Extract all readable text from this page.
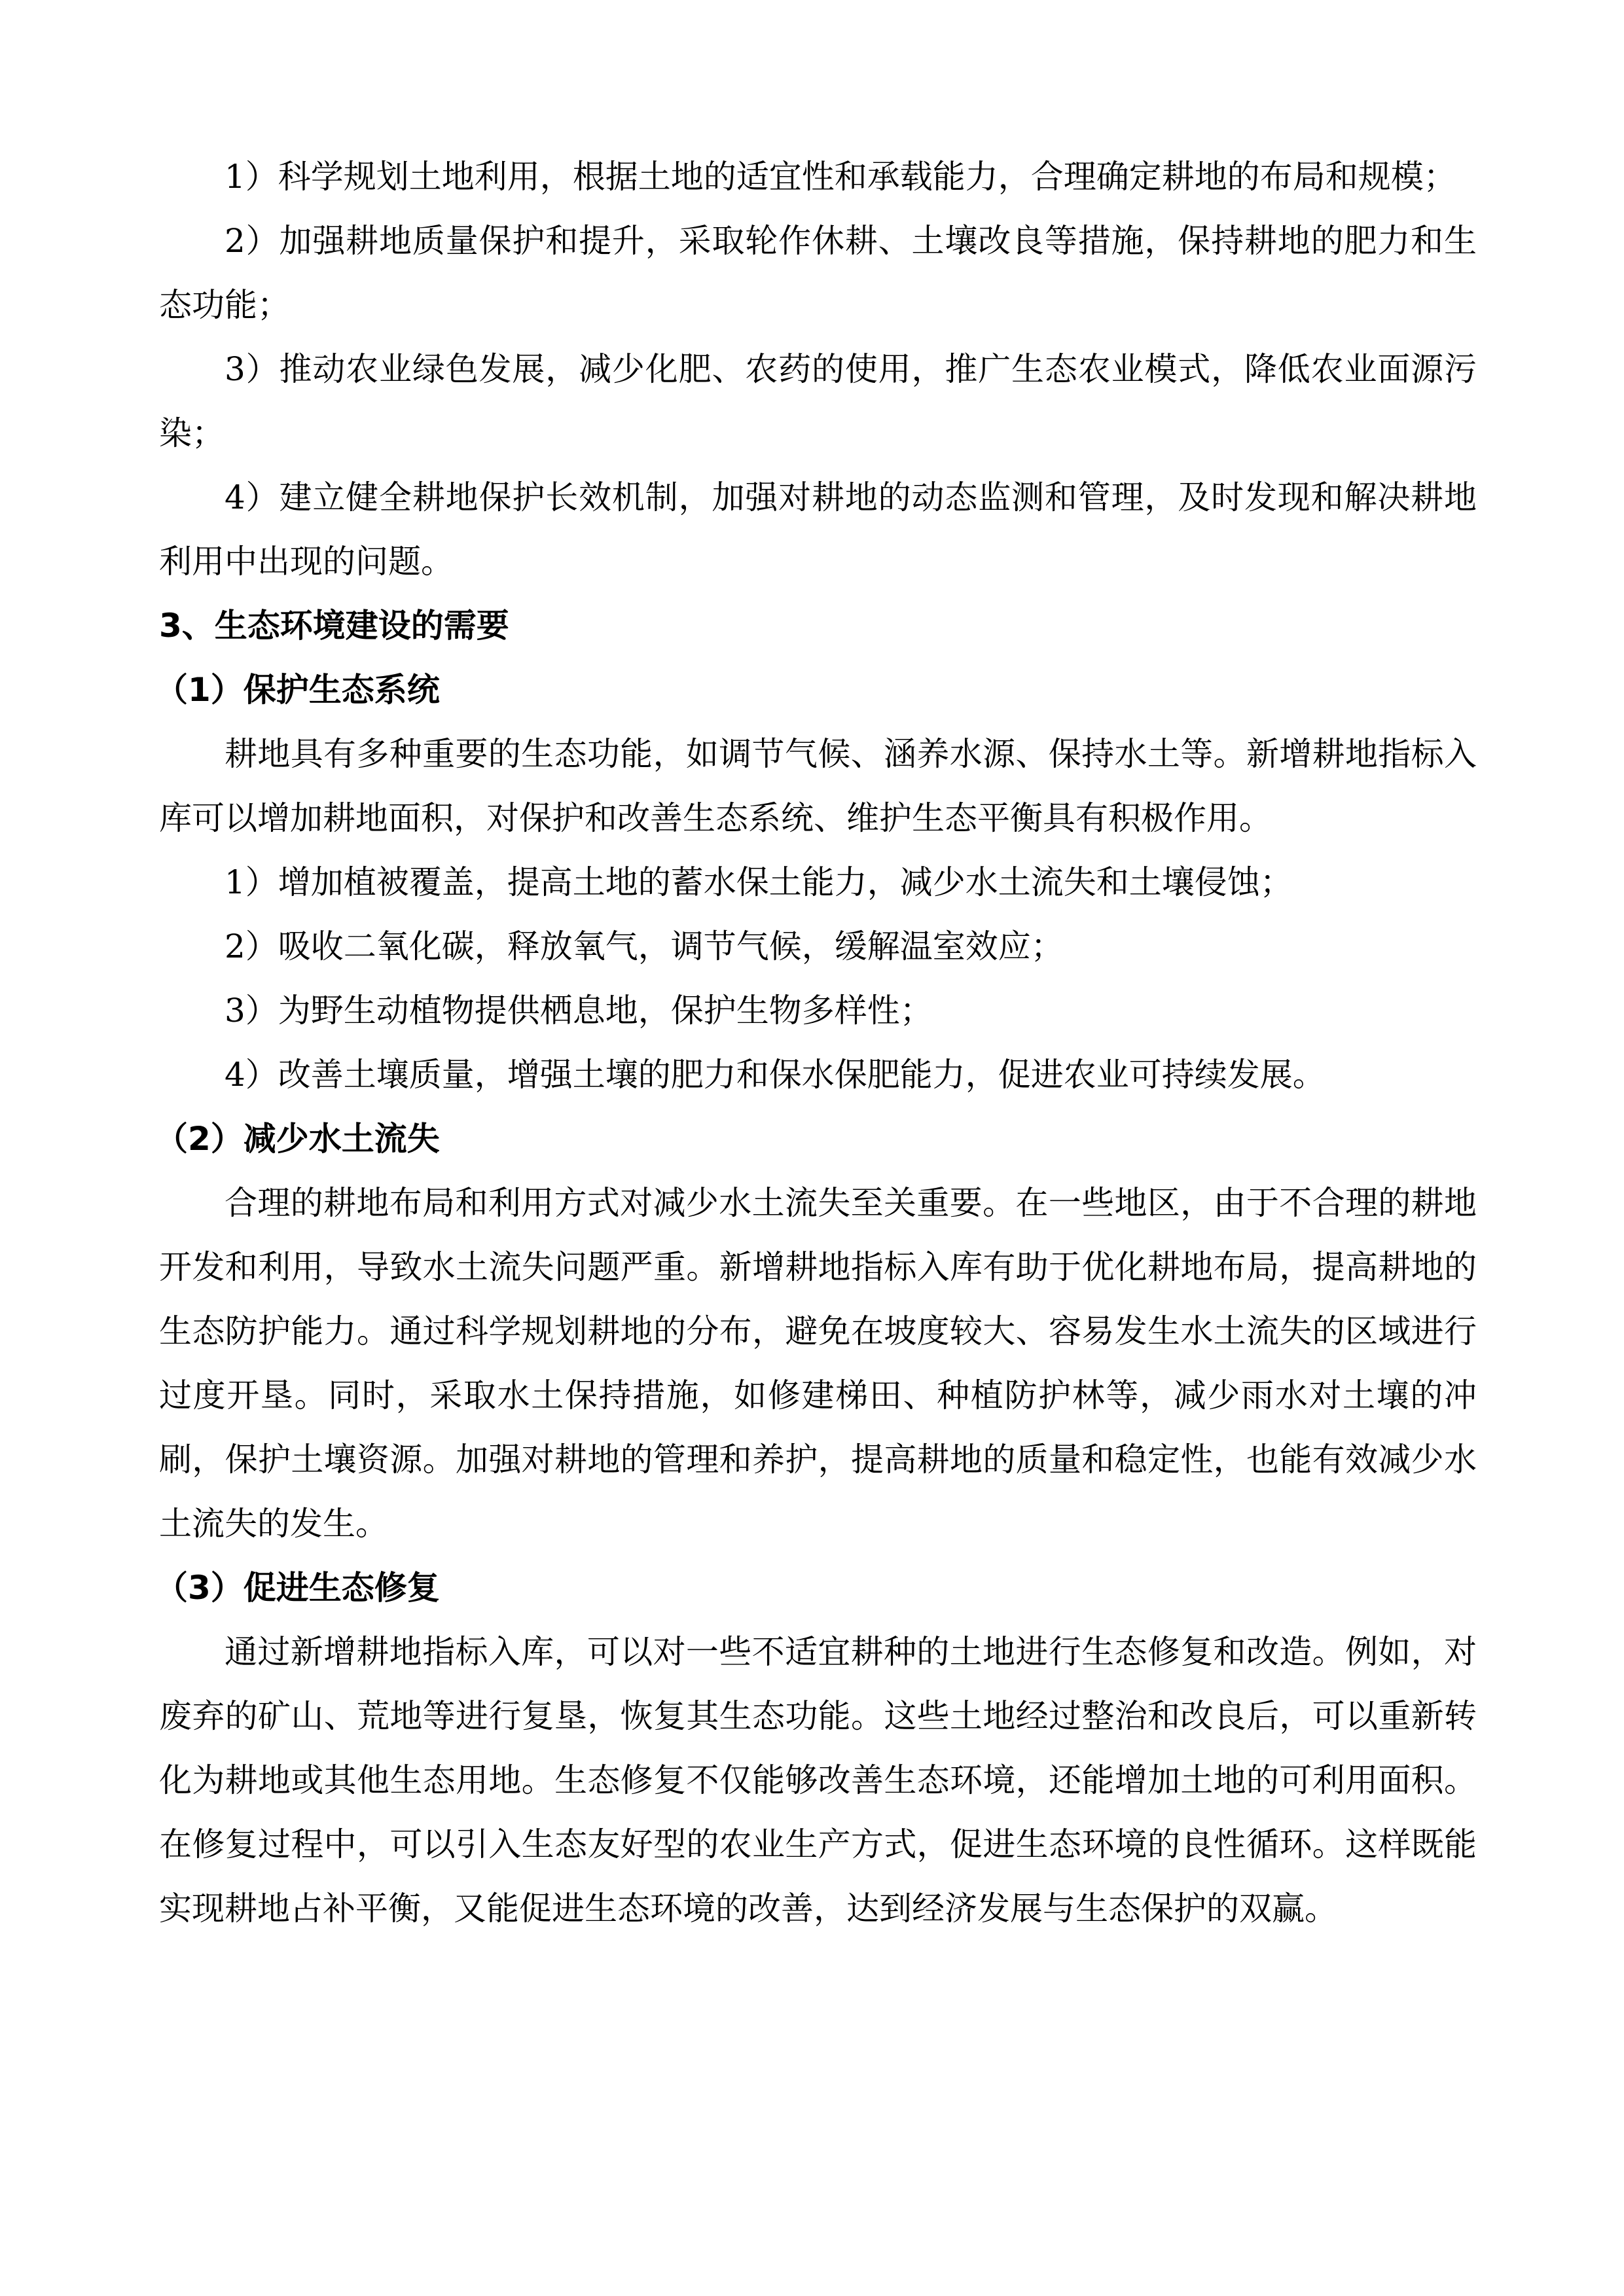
1）科学规划土地利用，根据土地的适宜性和承载能力，合理确定耕地的布局和规模；

2）加强耕地质量保护和提升，采取轮作休耕、土壤改良等措施，保持耕地的肥力和生态功能；

3）推动农业绿色发展，减少化肥、农药的使用，推广生态农业模式，降低农业面源污染；

4）建立健全耕地保护长效机制，加强对耕地的动态监测和管理，及时发现和解决耕地利用中出现的问题。

3、生态环境建设的需要
（1）保护生态系统

耕地具有多种重要的生态功能，如调节气候、涵养水源、保持水土等。新增耕地指标入库可以增加耕地面积，对保护和改善生态系统、维护生态平衡具有积极作用。

1）增加植被覆盖，提高土地的蓄水保土能力，减少水土流失和土壤侵蚀；

2）吸收二氧化碳，释放氧气，调节气候，缓解温室效应；

3）为野生动植物提供栖息地，保护生物多样性；

4）改善土壤质量，增强土壤的肥力和保水保肥能力，促进农业可持续发展。

（2）减少水土流失

合理的耕地布局和利用方式对减少水土流失至关重要。在一些地区，由于不合理的耕地开发和利用，导致水土流失问题严重。新增耕地指标入库有助于优化耕地布局，提高耕地的生态防护能力。通过科学规划耕地的分布，避免在坡度较大、容易发生水土流失的区域进行过度开垦。同时，采取水土保持措施，如修建梯田、种植防护林等，减少雨水对土壤的冲刷，保护土壤资源。加强对耕地的管理和养护，提高耕地的质量和稳定性，也能有效减少水土流失的发生。

（3）促进生态修复

通过新增耕地指标入库，可以对一些不适宜耕种的土地进行生态修复和改造。例如，对废弃的矿山、荒地等进行复垦，恢复其生态功能。这些土地经过整治和改良后，可以重新转化为耕地或其他生态用地。生态修复不仅能够改善生态环境，还能增加土地的可利用面积。在修复过程中，可以引入生态友好型的农业生产方式，促进生态环境的良性循环。这样既能实现耕地占补平衡，又能促进生态环境的改善，达到经济发展与生态保护的双赢。
